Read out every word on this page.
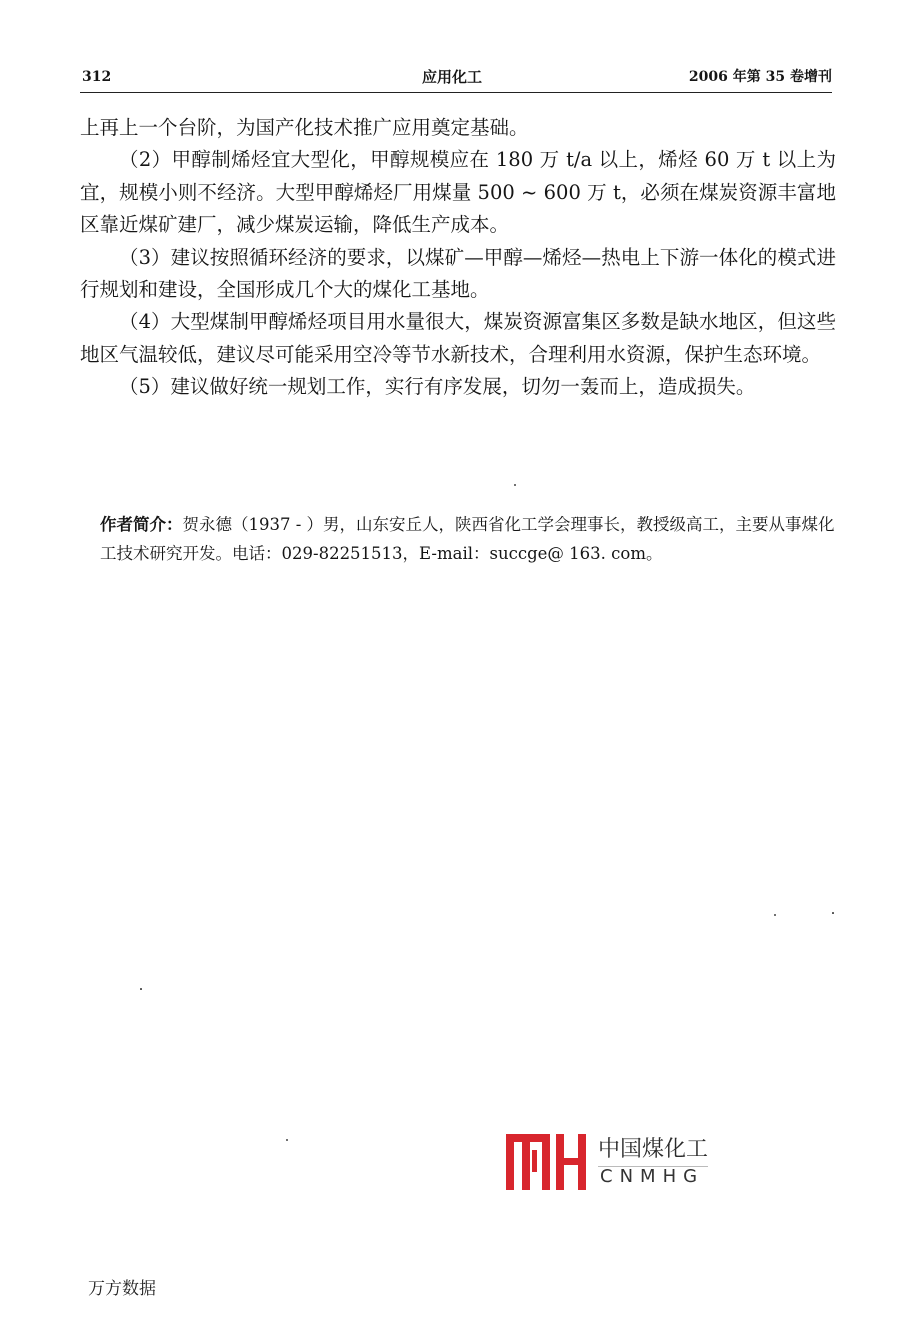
312	应用化工	2006 年第 35 卷增刊

上再上一个台阶，为国产化技术推广应用奠定基础。

（2）甲醇制烯烃宜大型化，甲醇规模应在 180 万 t/a 以上，烯烃 60 万 t 以上为宜，规模小则不经济。大型甲醇烯烃厂用煤量 500 ~ 600 万 t，必须在煤炭资源丰富地区靠近煤矿建厂，减少煤炭运输，降低生产成本。

（3）建议按照循环经济的要求，以煤矿—甲醇—烯烃—热电上下游一体化的模式进行规划和建设，全国形成几个大的煤化工基地。

（4）大型煤制甲醇烯烃项目用水量很大，煤炭资源富集区多数是缺水地区，但这些地区气温较低，建议尽可能采用空冷等节水新技术，合理利用水资源，保护生态环境。

（5）建议做好统一规划工作，实行有序发展，切勿一轰而上，造成损失。

作者简介：贺永德（1937 - ）男，山东安丘人，陕西省化工学会理事长，教授级高工，主要从事煤化工技术研究开发。电话：029-82251513，E-mail：succge@ 163. com。
中国煤化工
CNMHG
万方数据
